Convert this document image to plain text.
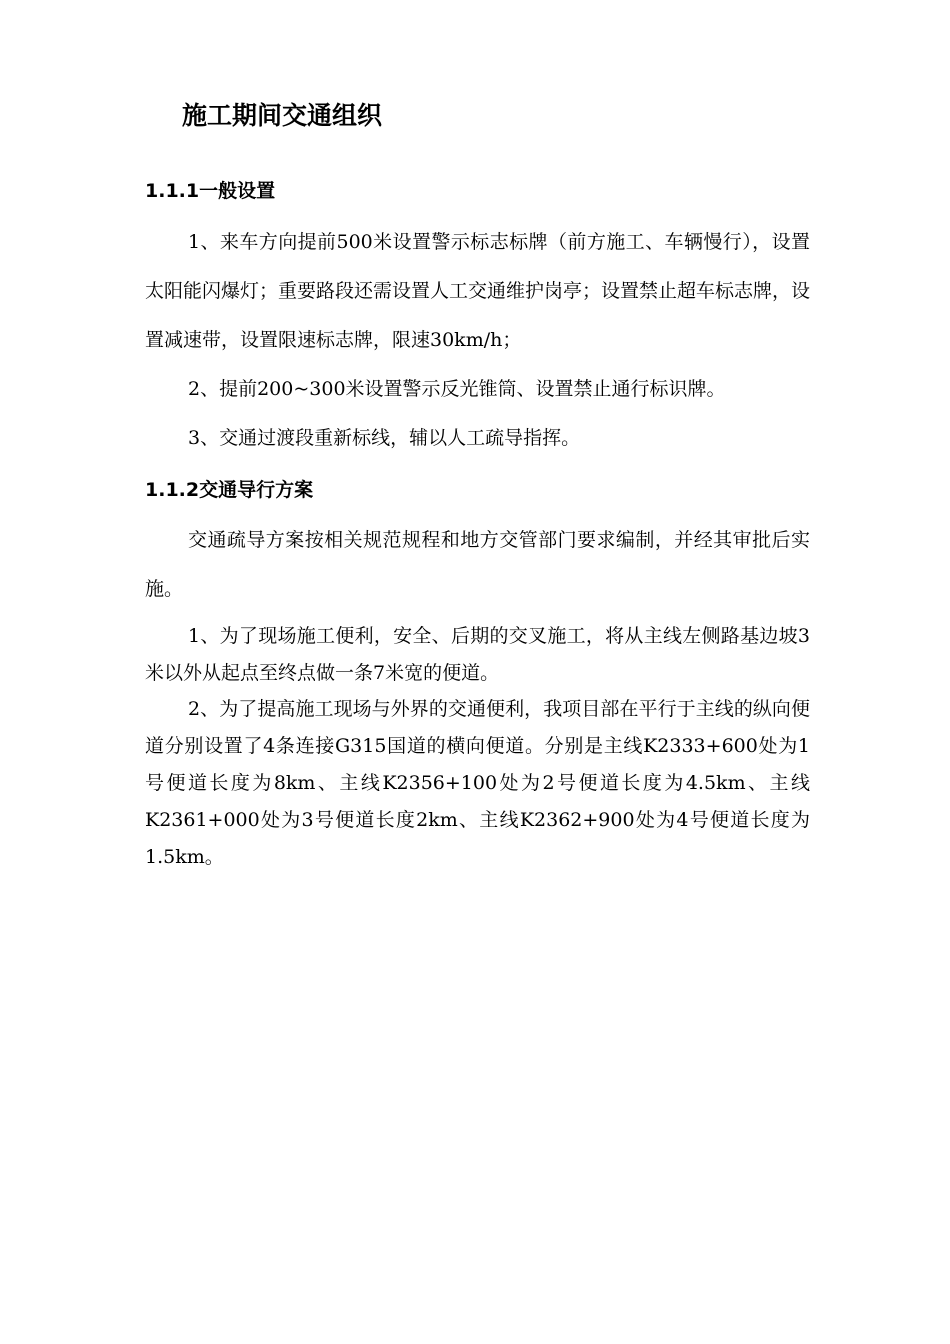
施工期间交通组织
1.1.1一般设置

1、来车方向提前500米设置警示标志标牌（前方施工、车辆慢行），设置太阳能闪爆灯；重要路段还需设置人工交通维护岗亭；设置禁止超车标志牌，设置减速带，设置限速标志牌，限速30km/h；

2、提前200~300米设置警示反光锥筒、设置禁止通行标识牌。

3、交通过渡段重新标线，辅以人工疏导指挥。

1.1.2交通导行方案

交通疏导方案按相关规范规程和地方交管部门要求编制，并经其审批后实施。

1、为了现场施工便利，安全、后期的交叉施工，将从主线左侧路基边坡3米以外从起点至终点做一条7米宽的便道。

2、为了提高施工现场与外界的交通便利，我项目部在平行于主线的纵向便道分别设置了4条连接G315国道的横向便道。分别是主线K2333+600处为1号便道长度为8km、主线K2356+100处为2号便道长度为4.5km、主线K2361+000处为3号便道长度2km、主线K2362+900处为4号便道长度为1.5km。
